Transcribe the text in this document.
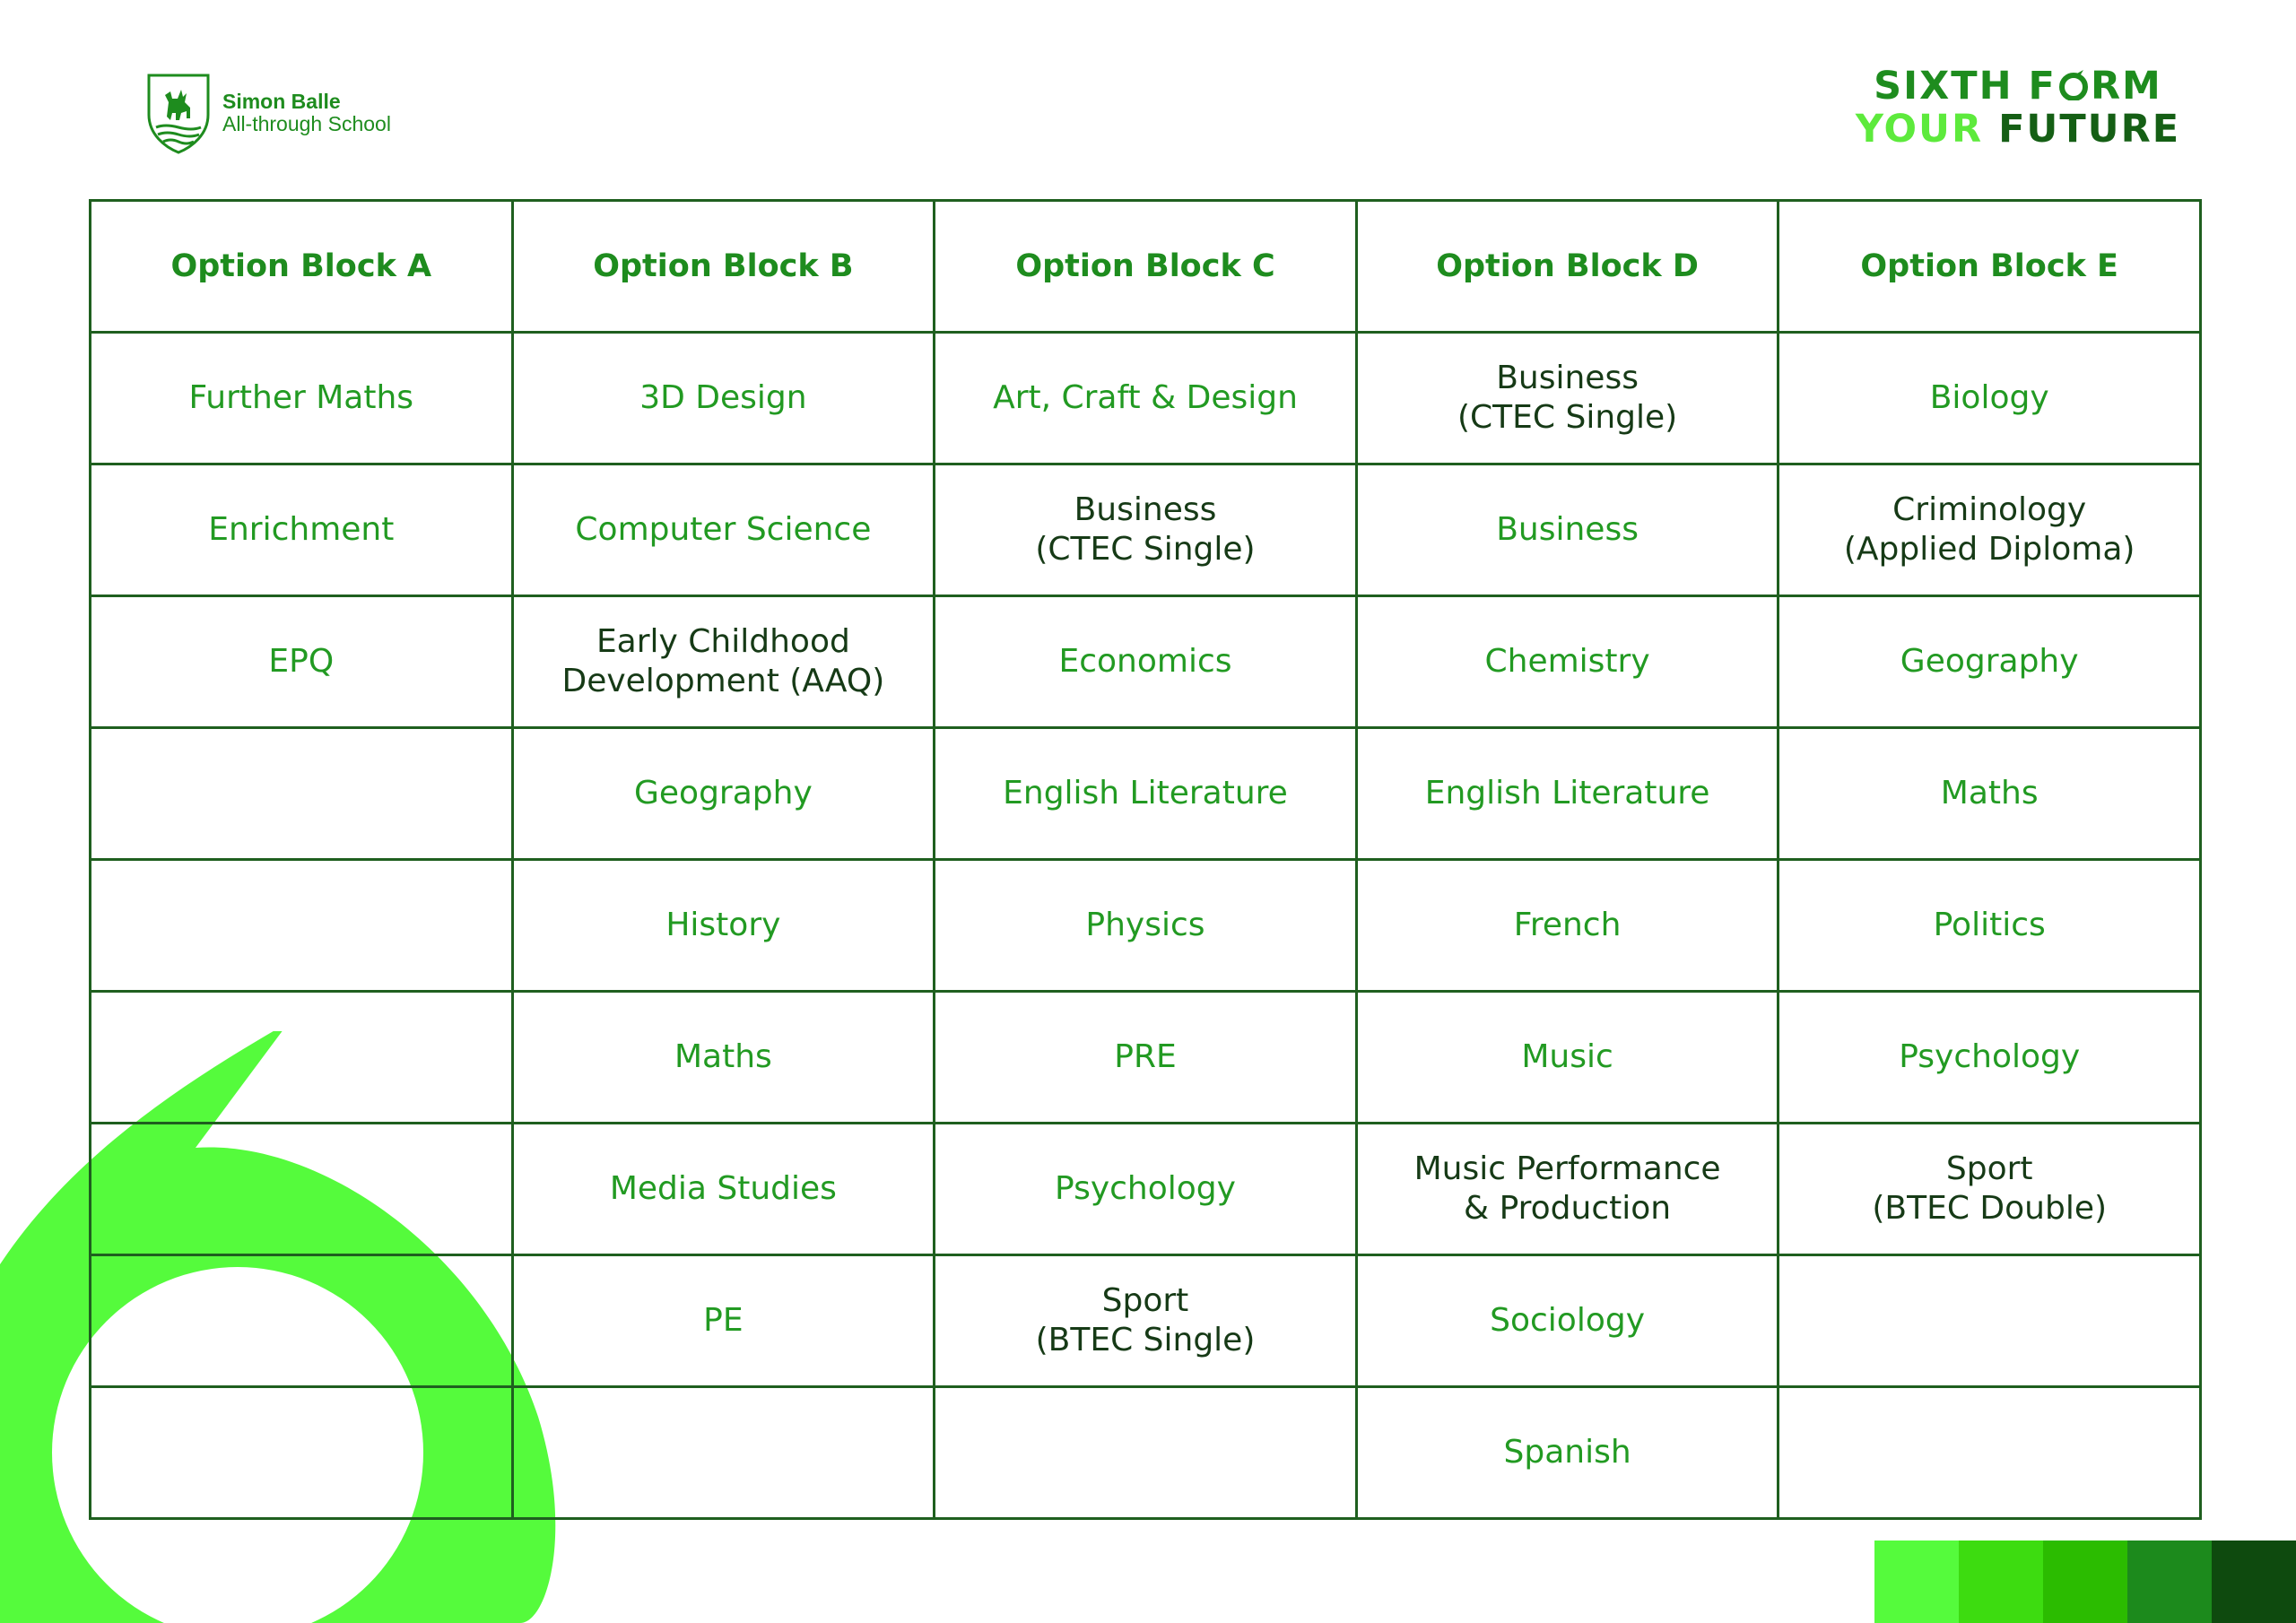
Simon Balle
All-through School
SIXTH F RM
YOUR FUTURE
Option Block A	Option Block B	Option Block C	Option Block D	Option Block E
Further Maths	3D Design	Art, Craft & Design	Business
(CTEC Single)	Biology
Enrichment	Computer Science	Business
(CTEC Single)	Business	Criminology
(Applied Diploma)
EPQ	Early Childhood
Development (AAQ)	Economics	Chemistry	Geography
	Geography	English Literature	English Literature	Maths
	History	Physics	French	Politics
	Maths	PRE	Music	Psychology
	Media Studies	Psychology	Music Performance
& Production	Sport
(BTEC Double)
	PE	Sport
(BTEC Single)	Sociology	
			Spanish	
